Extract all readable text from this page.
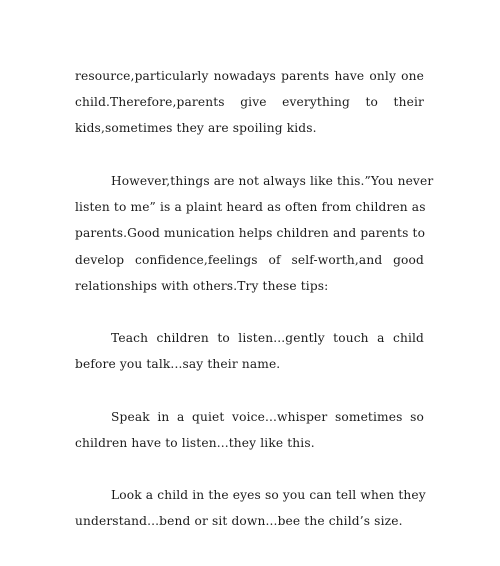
resource,particularly nowadays parents have only one
child.Therefore,parents give everything to their
kids,sometimes they are spoiling kids.
However,things are not always like this.”You never
listen to me” is a plaint heard as often from children as
parents.Good munication helps children and parents to
develop confidence,feelings of self-worth,and good
relationships with others.Try these tips:
Teach children to listen...gently touch a child
before you talk...say their name.
Speak in a quiet voice...whisper sometimes so
children have to listen...they like this.
Look a child in the eyes so you can tell when they
understand...bend or sit down...bee the child’s size.
